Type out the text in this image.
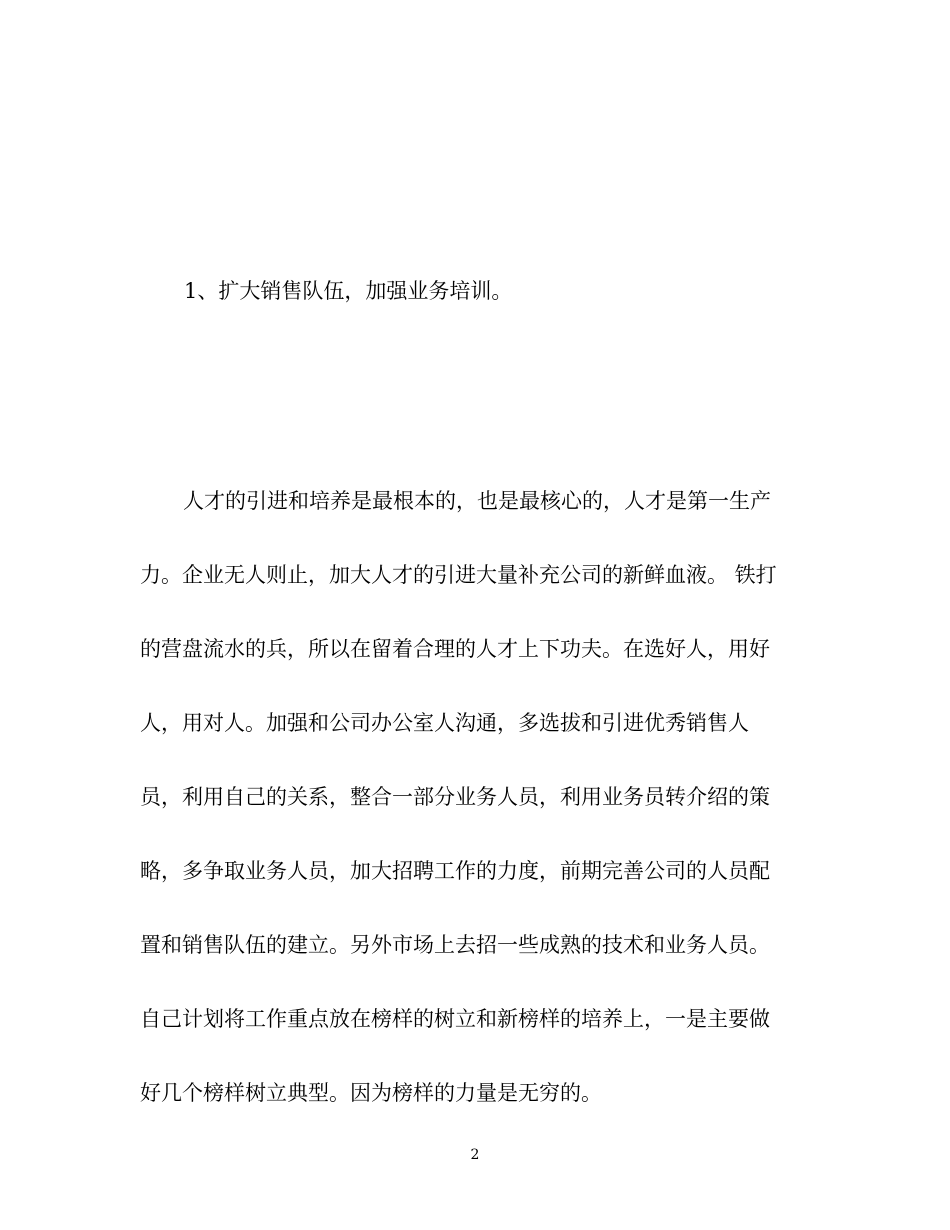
1、扩大销售队伍，加强业务培训。
人才的引进和培养是最根本的，也是最核心的，人才是第一生产
力。企业无人则止，加大人才的引进大量补充公司的新鲜血液。 铁打
的营盘流水的兵，所以在留着合理的人才上下功夫。在选好人，用好
人，用对人。加强和公司办公室人沟通，多选拔和引进优秀销售人
员，利用自己的关系，整合一部分业务人员，利用业务员转介绍的策
略，多争取业务人员，加大招聘工作的力度，前期完善公司的人员配
置和销售队伍的建立。另外市场上去招一些成熟的技术和业务人员。
自己计划将工作重点放在榜样的树立和新榜样的培养上，一是主要做
好几个榜样树立典型。因为榜样的力量是无穷的。
2
